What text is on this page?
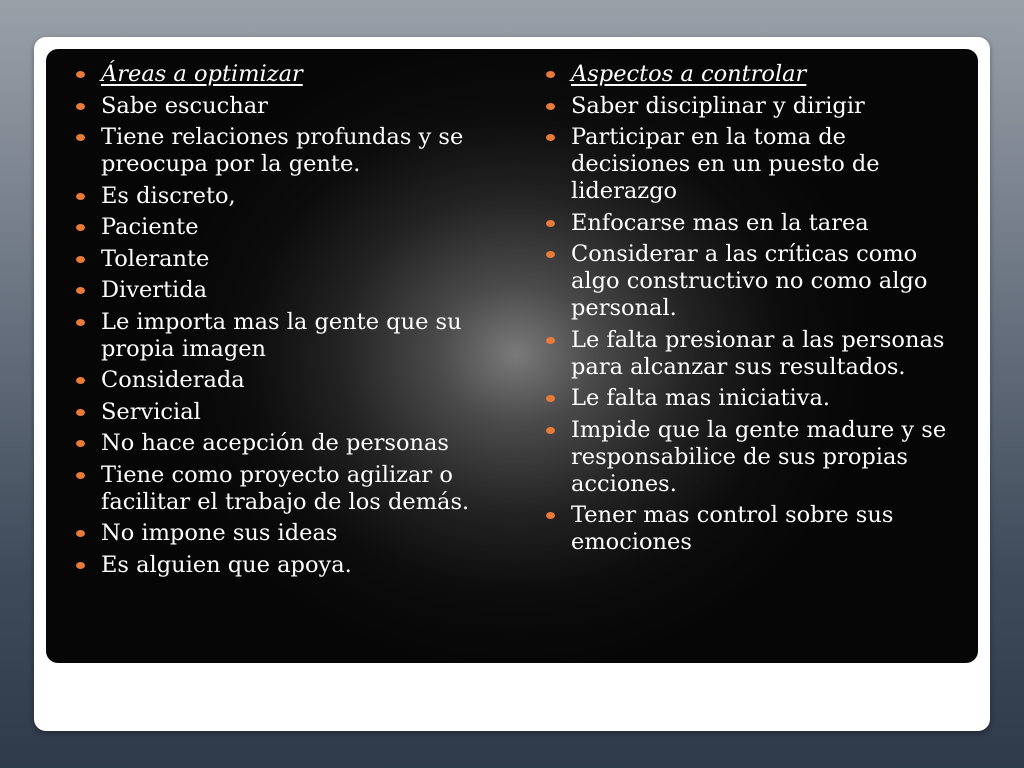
Áreas a optimizar
Sabe escuchar
Tiene relaciones profundas y se preocupa por la gente.
Es discreto,
Paciente
Tolerante
Divertida
Le importa mas la gente que su propia imagen
Considerada
Servicial
No hace acepción de personas
Tiene como proyecto agilizar o facilitar el trabajo de los demás.
No impone sus ideas
Es alguien que apoya.
Aspectos a controlar
Saber disciplinar y dirigir
Participar en la toma de decisiones en un puesto de liderazgo
Enfocarse mas en la tarea
Considerar a las críticas como algo constructivo no como algo personal.
Le falta presionar a las personas para alcanzar sus resultados.
Le falta mas iniciativa.
Impide que la gente madure y se responsabilice de sus propias acciones.
Tener mas control sobre sus emociones
